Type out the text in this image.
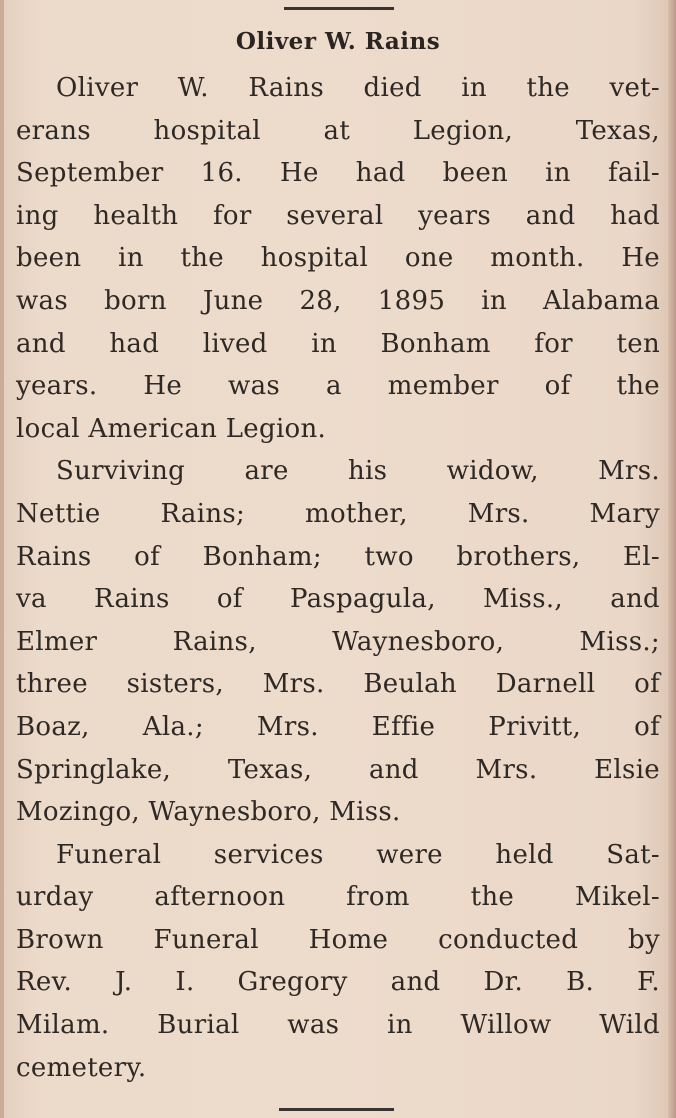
Oliver W. Rains
Oliver W. Rains died in the vet-
erans hospital at Legion, Texas,
September 16. He had been in fail-
ing health for several years and had
been in the hospital one month. He
was born June 28, 1895 in Alabama
and had lived in Bonham for ten
years. He was a member of the
local American Legion.
Surviving are his widow, Mrs.
Nettie Rains; mother, Mrs. Mary
Rains of Bonham; two brothers, El-
va Rains of Paspagula, Miss., and
Elmer Rains, Waynesboro, Miss.;
three sisters, Mrs. Beulah Darnell of
Boaz, Ala.; Mrs. Effie Privitt, of
Springlake, Texas, and Mrs. Elsie
Mozingo, Waynesboro, Miss.
Funeral services were held Sat-
urday afternoon from the Mikel-
Brown Funeral Home conducted by
Rev. J. I. Gregory and Dr. B. F.
Milam. Burial was in Willow Wild
cemetery.
